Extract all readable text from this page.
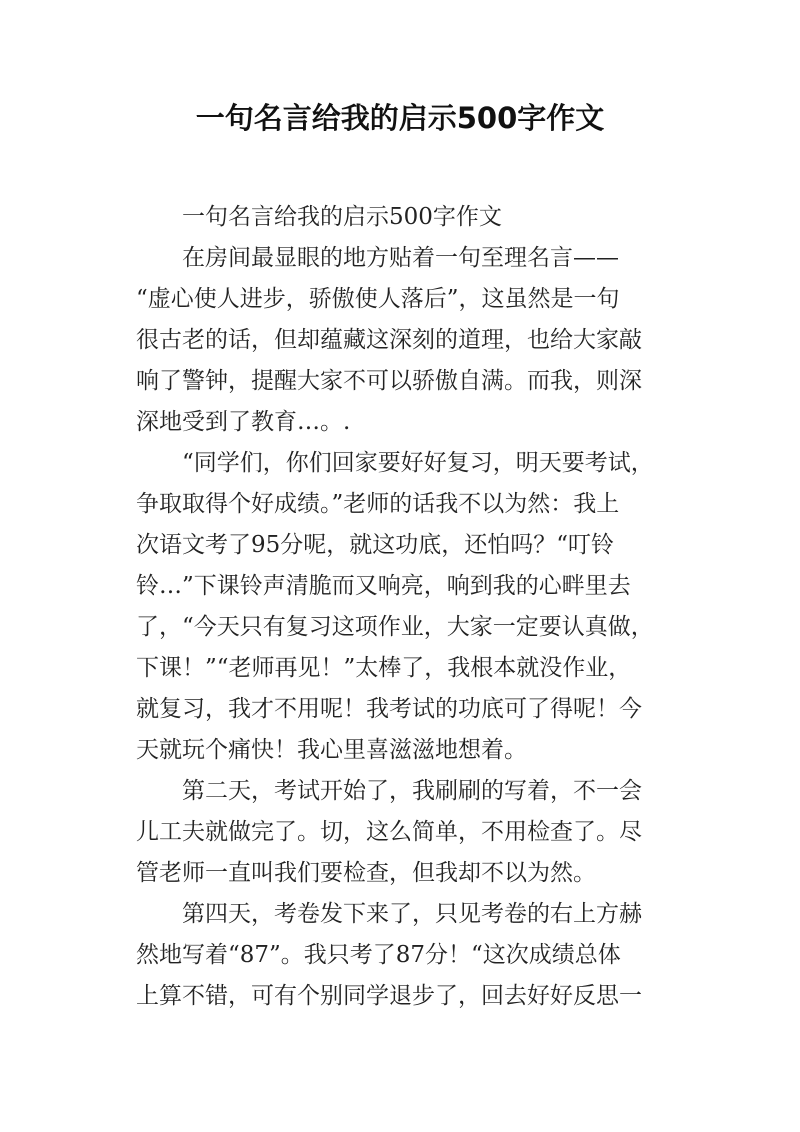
一句名言给我的启示500字作文

一句名言给我的启示500字作文

在房间最显眼的地方贴着一句至理名言——
“虚心使人进步，骄傲使人落后”，这虽然是一句
很古老的话，但却蕴藏这深刻的道理，也给大家敲
响了警钟，提醒大家不可以骄傲自满。而我，则深
深地受到了教育…。.

“同学们，你们回家要好好复习，明天要考试，
争取取得个好成绩。”老师的话我不以为然：我上
次语文考了95分呢，就这功底，还怕吗？“叮铃
铃…”下课铃声清脆而又响亮，响到我的心畔里去
了，“今天只有复习这项作业，大家一定要认真做，
下课！”“老师再见！”太棒了，我根本就没作业，
就复习，我才不用呢！我考试的功底可了得呢！今
天就玩个痛快！我心里喜滋滋地想着。

第二天，考试开始了，我刷刷的写着，不一会
儿工夫就做完了。切，这么简单，不用检查了。尽
管老师一直叫我们要检查，但我却不以为然。

第四天，考卷发下来了，只见考卷的右上方赫
然地写着“87”。我只考了87分！“这次成绩总体
上算不错，可有个别同学退步了，回去好好反思一
